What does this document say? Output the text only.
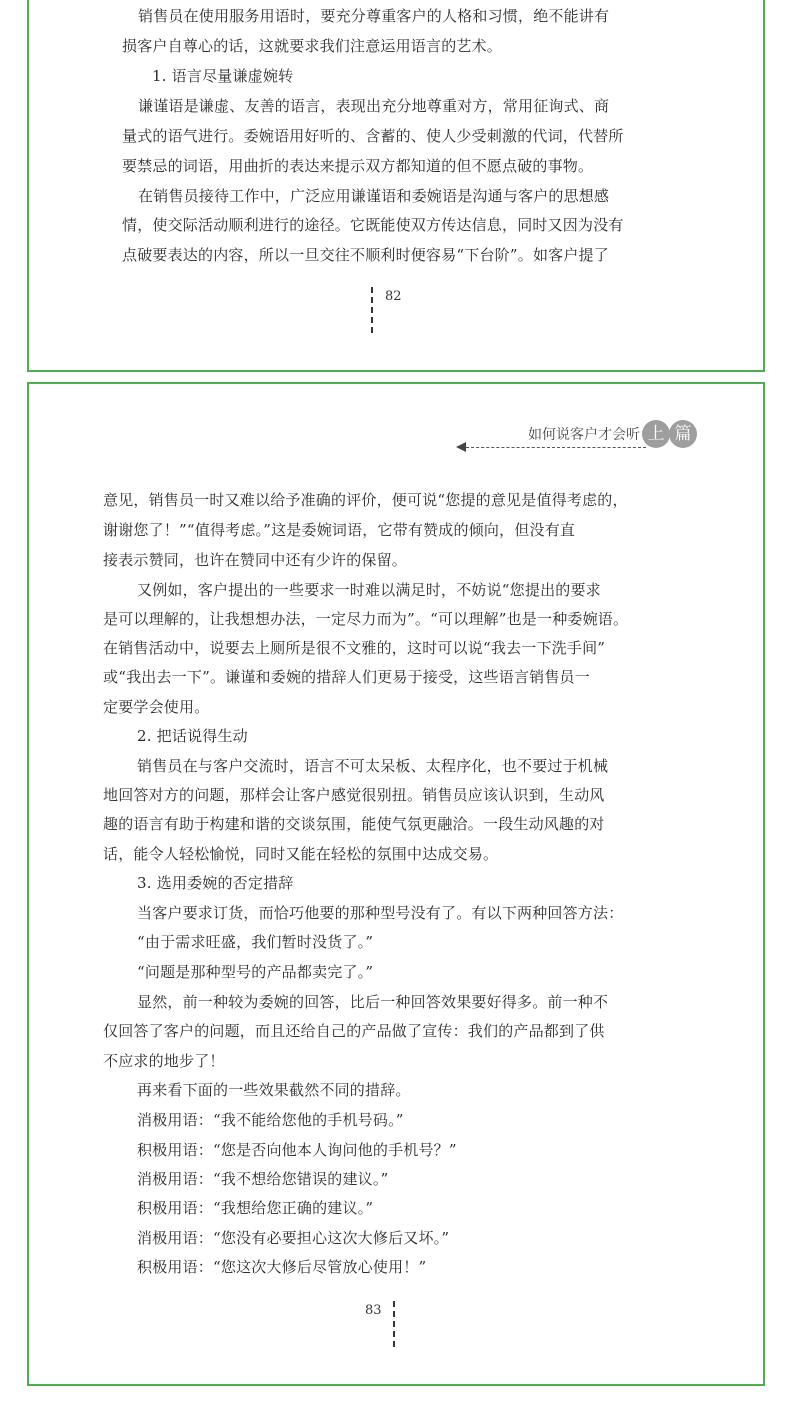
销售员在使用服务用语时，要充分尊重客户的人格和习惯，绝不能讲有
损客户自尊心的话，这就要求我们注意运用语言的艺术。
1. 语言尽量谦虚婉转
谦谨语是谦虚、友善的语言，表现出充分地尊重对方，常用征询式、商
量式的语气进行。委婉语用好听的、含蓄的、使人少受刺激的代词，代替所
要禁忌的词语，用曲折的表达来提示双方都知道的但不愿点破的事物。
在销售员接待工作中，广泛应用谦谨语和委婉语是沟通与客户的思想感
情，使交际活动顺利进行的途径。它既能使双方传达信息，同时又因为没有
点破要表达的内容，所以一旦交往不顺利时便容易“下台阶”。如客户提了
82
如何说客户才会听 上 篇
意见，销售员一时又难以给予准确的评价，便可说“您提的意见是值得考虑的，
谢谢您了！”“值得考虑。”这是委婉词语，它带有赞成的倾向，但没有直
接表示赞同，也许在赞同中还有少许的保留。
又例如，客户提出的一些要求一时难以满足时，不妨说“您提出的要求
是可以理解的，让我想想办法，一定尽力而为”。“可以理解”也是一种委婉语。
在销售活动中，说要去上厕所是很不文雅的，这时可以说“我去一下洗手间”
或“我出去一下”。谦谨和委婉的措辞人们更易于接受，这些语言销售员一
定要学会使用。
2. 把话说得生动
销售员在与客户交流时，语言不可太呆板、太程序化，也不要过于机械
地回答对方的问题，那样会让客户感觉很别扭。销售员应该认识到，生动风
趣的语言有助于构建和谐的交谈氛围，能使气氛更融洽。一段生动风趣的对
话，能令人轻松愉悦，同时又能在轻松的氛围中达成交易。
3. 选用委婉的否定措辞
当客户要求订货，而恰巧他要的那种型号没有了。有以下两种回答方法：
“由于需求旺盛，我们暂时没货了。”
“问题是那种型号的产品都卖完了。”
显然，前一种较为委婉的回答，比后一种回答效果要好得多。前一种不
仅回答了客户的问题，而且还给自己的产品做了宣传：我们的产品都到了供
不应求的地步了！
再来看下面的一些效果截然不同的措辞。
消极用语：“我不能给您他的手机号码。”
积极用语：“您是否向他本人询问他的手机号？”
消极用语：“我不想给您错误的建议。”
积极用语：“我想给您正确的建议。”
消极用语：“您没有必要担心这次大修后又坏。”
积极用语：“您这次大修后尽管放心使用！”
83
